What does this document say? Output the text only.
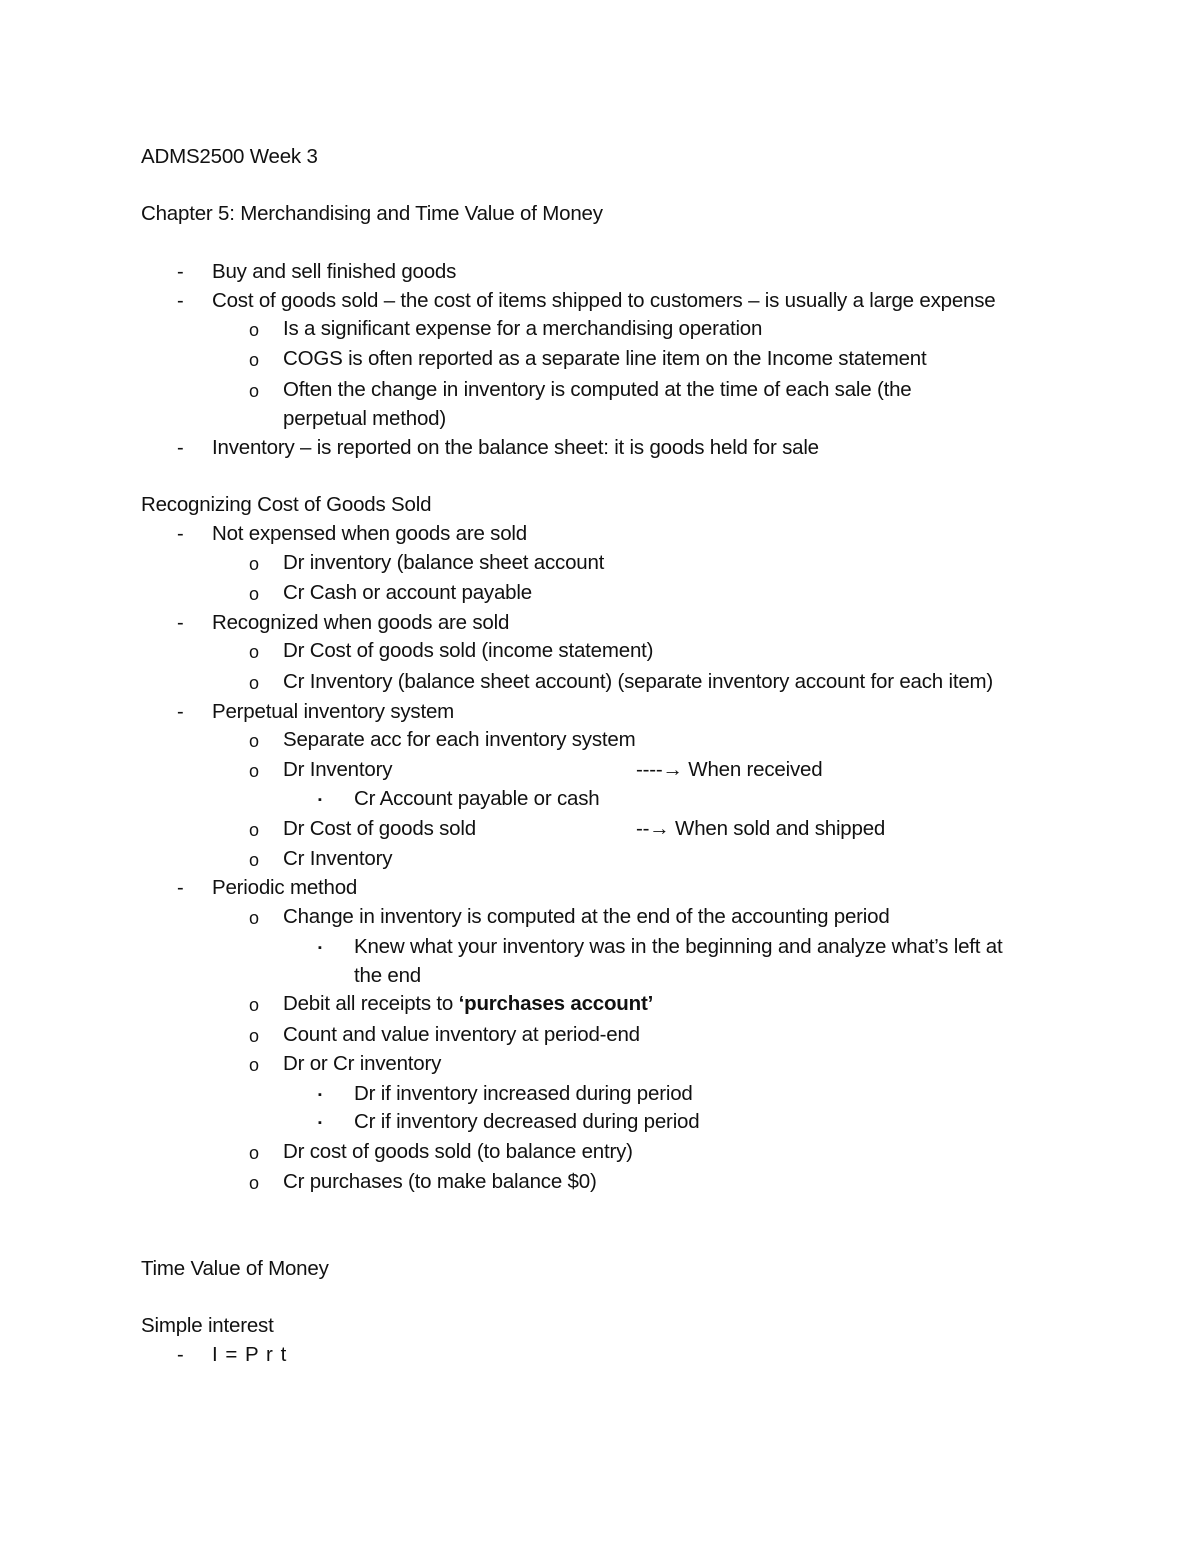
ADMS2500 Week 3
Chapter 5: Merchandising and Time Value of Money
- Buy and sell finished goods
- Cost of goods sold – the cost of items shipped to customers – is usually a large expense
o Is a significant expense for a merchandising operation
o COGS is often reported as a separate line item on the Income statement
o Often the change in inventory is computed at the time of each sale (the
perpetual method)
- Inventory – is reported on the balance sheet: it is goods held for sale
Recognizing Cost of Goods Sold
- Not expensed when goods are sold
o Dr inventory (balance sheet account
o Cr Cash or account payable
- Recognized when goods are sold
o Dr Cost of goods sold (income statement)
o Cr Inventory (balance sheet account) (separate inventory account for each item)
- Perpetual inventory system
o Separate acc for each inventory system
o Dr Inventory	----→ When received
▪ Cr Account payable or cash
o Dr Cost of goods sold	--→ When sold and shipped
o Cr Inventory
- Periodic method
o Change in inventory is computed at the end of the accounting period
▪ Knew what your inventory was in the beginning and analyze what’s left at
the end
o Debit all receipts to ‘purchases account’
o Count and value inventory at period-end
o Dr or Cr inventory
▪ Dr if inventory increased during period
▪ Cr if inventory decreased during period
o Dr cost of goods sold (to balance entry)
o Cr purchases (to make balance $0)
Time Value of Money
Simple interest
- I = P r t
